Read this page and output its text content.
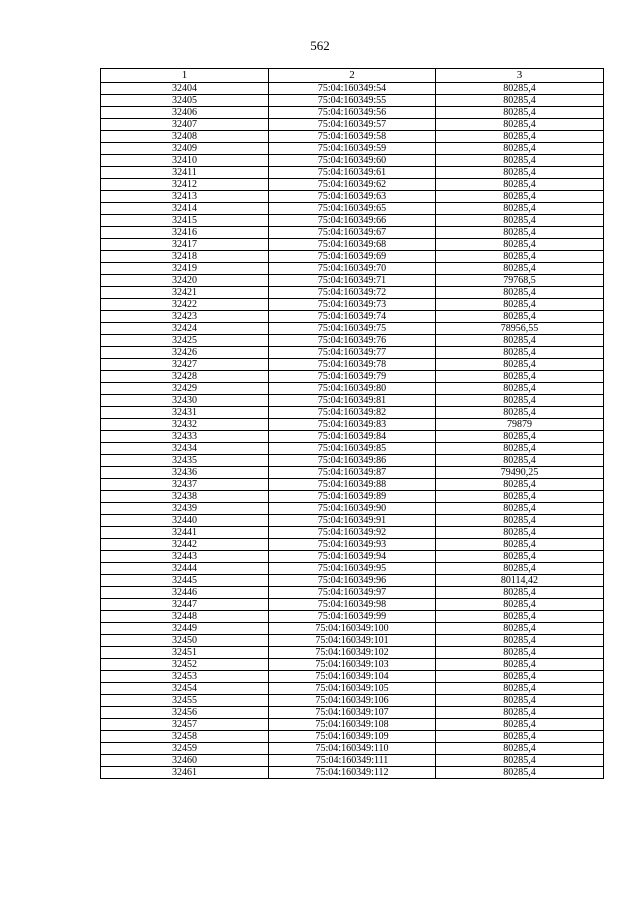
562
1	2	3
32404	75:04:160349:54	80285,4
32405	75:04:160349:55	80285,4
32406	75:04:160349:56	80285,4
32407	75:04:160349:57	80285,4
32408	75:04:160349:58	80285,4
32409	75:04:160349:59	80285,4
32410	75:04:160349:60	80285,4
32411	75:04:160349:61	80285,4
32412	75:04:160349:62	80285,4
32413	75:04:160349:63	80285,4
32414	75:04:160349:65	80285,4
32415	75:04:160349:66	80285,4
32416	75:04:160349:67	80285,4
32417	75:04:160349:68	80285,4
32418	75:04:160349:69	80285,4
32419	75:04:160349:70	80285,4
32420	75:04:160349:71	79768,5
32421	75:04:160349:72	80285,4
32422	75:04:160349:73	80285,4
32423	75:04:160349:74	80285,4
32424	75:04:160349:75	78956,55
32425	75:04:160349:76	80285,4
32426	75:04:160349:77	80285,4
32427	75:04:160349:78	80285,4
32428	75:04:160349:79	80285,4
32429	75:04:160349:80	80285,4
32430	75:04:160349:81	80285,4
32431	75:04:160349:82	80285,4
32432	75:04:160349:83	79879
32433	75:04:160349:84	80285,4
32434	75:04:160349:85	80285,4
32435	75:04:160349:86	80285,4
32436	75:04:160349:87	79490,25
32437	75:04:160349:88	80285,4
32438	75:04:160349:89	80285,4
32439	75:04:160349:90	80285,4
32440	75:04:160349:91	80285,4
32441	75:04:160349:92	80285,4
32442	75:04:160349:93	80285,4
32443	75:04:160349:94	80285,4
32444	75:04:160349:95	80285,4
32445	75:04:160349:96	80114,42
32446	75:04:160349:97	80285,4
32447	75:04:160349:98	80285,4
32448	75:04:160349:99	80285,4
32449	75:04:160349:100	80285,4
32450	75:04:160349:101	80285,4
32451	75:04:160349:102	80285,4
32452	75:04:160349:103	80285,4
32453	75:04:160349:104	80285,4
32454	75:04:160349:105	80285,4
32455	75:04:160349:106	80285,4
32456	75:04:160349:107	80285,4
32457	75:04:160349:108	80285,4
32458	75:04:160349:109	80285,4
32459	75:04:160349:110	80285,4
32460	75:04:160349:111	80285,4
32461	75:04:160349:112	80285,4
